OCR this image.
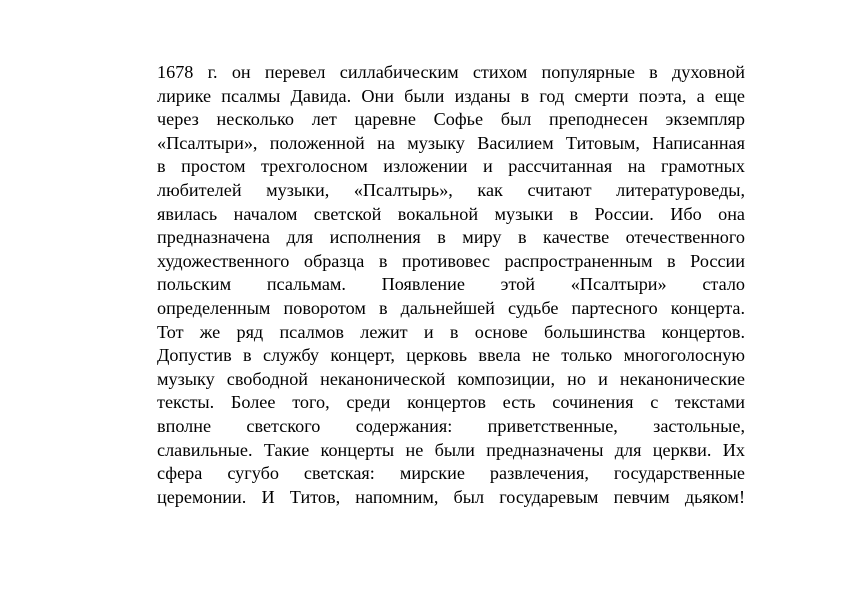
1678 г. он перевел силлабическим стихом популярные в духовной
лирике псалмы Давида. Они были изданы в год смерти поэта, а еще
через несколько лет царевне Софье был преподнесен экземпляр
«Псалтыри», положенной на музыку Василием Титовым, Написанная
в простом трехголосном изложении и рассчитанная на грамотных
любителей музыки, «Псалтырь», как считают литературоведы,
явилась началом светской вокальной музыки в России. Ибо она
предназначена для исполнения в миру в качестве отечественного
художественного образца в противовес распространенным в России
польским псальмам. Появление этой «Псалтыри» стало
определенным поворотом в дальнейшей судьбе партесного концерта.
Тот же ряд псалмов лежит и в основе большинства концертов.
Допустив в службу концерт, церковь ввела не только многоголосную
музыку свободной неканонической композиции, но и неканонические
тексты. Более того, среди концертов есть сочинения с текстами
вполне светского содержания: приветственные, застольные,
славильные. Такие концерты не были предназначены для церкви. Их
сфера сугубо светская: мирские развлечения, государственные
церемонии. И Титов, напомним, был государевым певчим дьяком!
